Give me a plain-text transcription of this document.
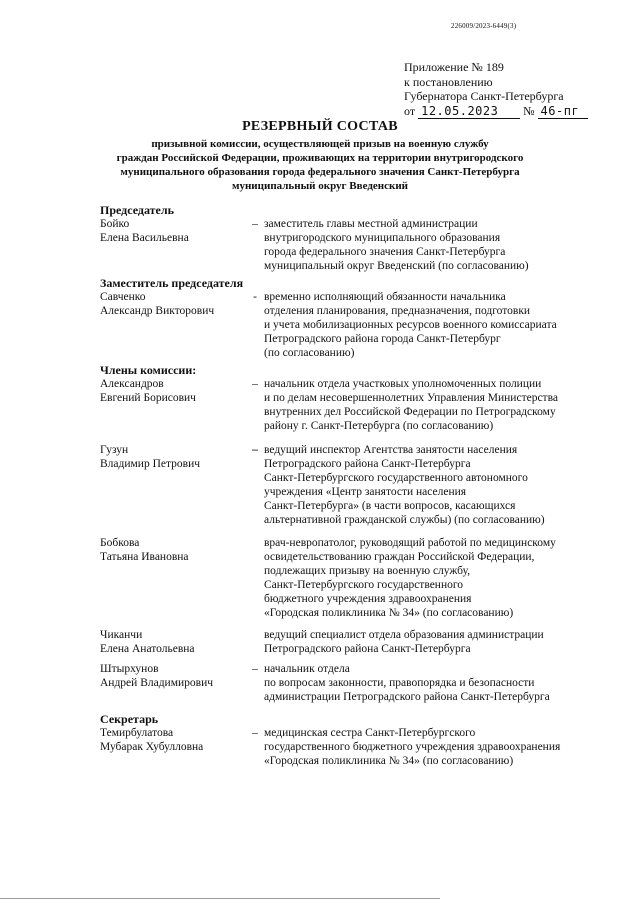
226009/2023-6449(3)
Приложение № 189
к постановлению
Губернатора Санкт-Петербурга
от 12.05.2023 № 46-пг
РЕЗЕРВНЫЙ СОСТАВ
призывной комиссии, осуществляющей призыв на военную службу
граждан Российской Федерации, проживающих на территории внутригородского
муниципального образования города федерального значения Санкт-Петербурга
муниципальный округ Введенский
Председатель
Бойко
Елена Васильевна
– заместитель главы местной администрации
внутригородского муниципального образования
города федерального значения Санкт-Петербурга
муниципальный округ Введенский (по согласованию)
Заместитель председателя
Савченко
Александр Викторович
- временно исполняющий обязанности начальника
отделения планирования, предназначения, подготовки
и учета мобилизационных ресурсов военного комиссариата
Петроградского района города Санкт-Петербург
(по согласованию)
Члены комиссии:
Александров
Евгений Борисович
– начальник отдела участковых уполномоченных полиции
и по делам несовершеннолетних Управления Министерства
внутренних дел Российской Федерации по Петроградскому
району г. Санкт-Петербурга (по согласованию)
Гузун
Владимир Петрович
– ведущий инспектор Агентства занятости населения
Петроградского района Санкт-Петербурга
Санкт-Петербургского государственного автономного
учреждения «Центр занятости населения
Санкт-Петербурга» (в части вопросов, касающихся
альтернативной гражданской службы) (по согласованию)
Бобкова
Татьяна Ивановна
врач-невропатолог, руководящий работой по медицинскому
освидетельствованию граждан Российской Федерации,
подлежащих призыву на военную службу,
Санкт-Петербургского государственного
бюджетного учреждения здравоохранения
«Городская поликлиника № 34» (по согласованию)
Чиканчи
Елена Анатольевна
ведущий специалист отдела образования администрации
Петроградского района Санкт-Петербурга
Штырхунов
Андрей Владимирович
– начальник отдела
по вопросам законности, правопорядка и безопасности
администрации Петроградского района Санкт-Петербурга
Секретарь
Темирбулатова
Мубарак Хубулловна
– медицинская сестра Санкт-Петербургского
государственного бюджетного учреждения здравоохранения
«Городская поликлиника № 34» (по согласованию)
